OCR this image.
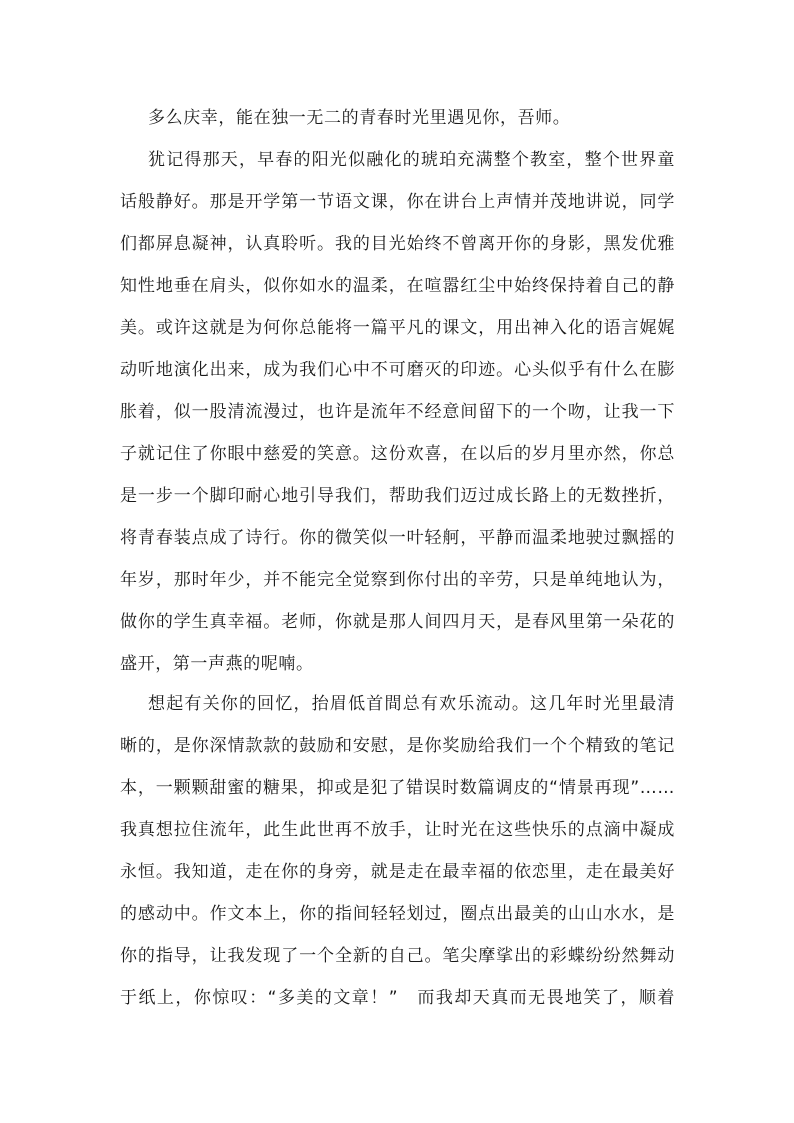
多么庆幸，能在独一无二的青春时光里遇见你，吾师。
犹记得那天，早春的阳光似融化的琥珀充满整个教室，整个世界童
话般静好。那是开学第一节语文课，你在讲台上声情并茂地讲说，同学
们都屏息凝神，认真聆听。我的目光始终不曾离开你的身影，黑发优雅
知性地垂在肩头，似你如水的温柔，在喧嚣红尘中始终保持着自己的静
美。或许这就是为何你总能将一篇平凡的课文，用出神入化的语言娓娓
动听地演化出来，成为我们心中不可磨灭的印迹。心头似乎有什么在膨
胀着，似一股清流漫过，也许是流年不经意间留下的一个吻，让我一下
子就记住了你眼中慈爱的笑意。这份欢喜，在以后的岁月里亦然，你总
是一步一个脚印耐心地引导我们，帮助我们迈过成长路上的无数挫折，
将青春装点成了诗行。你的微笑似一叶轻舸，平静而温柔地驶过飘摇的
年岁，那时年少，并不能完全觉察到你付出的辛劳，只是单纯地认为，
做你的学生真幸福。老师，你就是那人间四月天，是春风里第一朵花的
盛开，第一声燕的呢喃。
想起有关你的回忆，抬眉低首間总有欢乐流动。这几年时光里最清
晰的，是你深情款款的鼓励和安慰，是你奖励给我们一个个精致的笔记
本，一颗颗甜蜜的糖果，抑或是犯了错误时数篇调皮的“情景再现”……
我真想拉住流年，此生此世再不放手，让时光在这些快乐的点滴中凝成
永恒。我知道，走在你的身旁，就是走在最幸福的依恋里，走在最美好
的感动中。作文本上，你的指间轻轻划过，圈点出最美的山山水水，是
你的指导，让我发现了一个全新的自己。笔尖摩挲出的彩蝶纷纷然舞动
于纸上，你惊叹：“多美的文章！”　而我却天真而无畏地笑了，顺着
